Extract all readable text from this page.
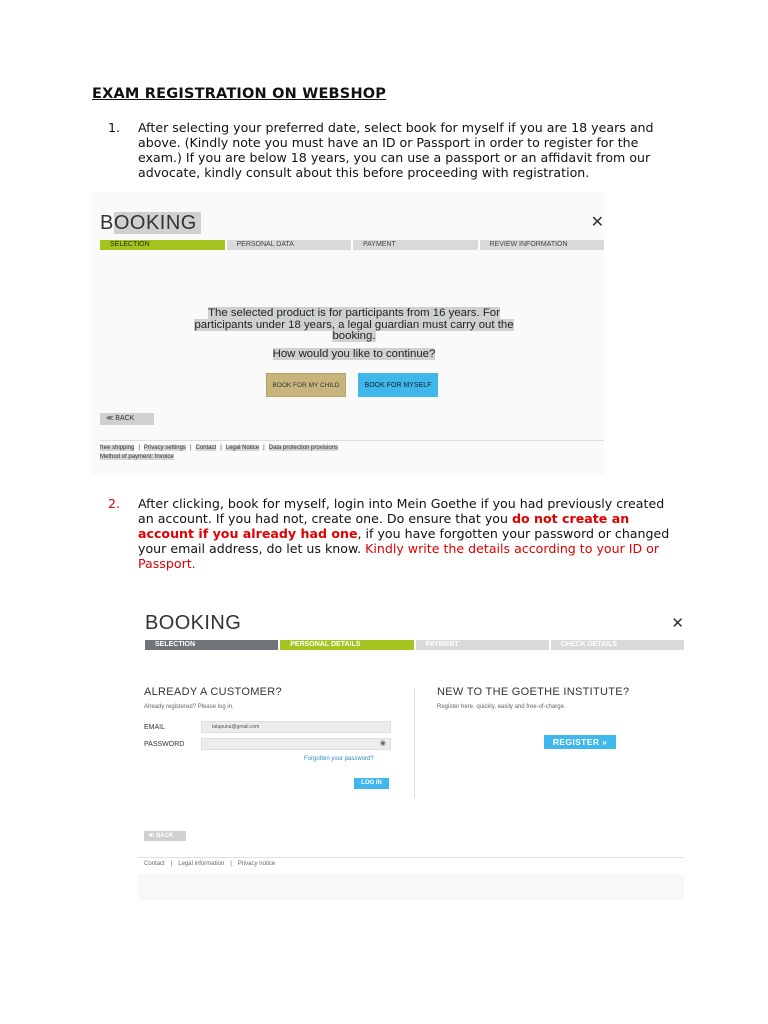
EXAM REGISTRATION ON WEBSHOP
1.	After selecting your preferred date, select book for myself if you are 18 years and above. (Kindly note you must have an ID or Passport in order to register for the exam.) If you are below 18 years, you can use a passport or an affidavit from our advocate, kindly consult about this before proceeding with registration.
BOOKING	✕
SELECTION	PERSONAL DATA	PAYMENT	REVIEW INFORMATION
The selected product is for participants from 16 years. For
participants under 18 years, a legal guardian must carry out the
booking.
How would you like to continue?
BOOK FOR MY CHILD	BOOK FOR MYSELF
≪ BACK
free shipping | Privacy settings | Contact | Legal Notice | Data protection provisions
Method of payment: Invoice
2.	After clicking, book for myself, login into Mein Goethe if you had previously created an account. If you had not, create one. Do ensure that you do not create an account if you already had one, if you have forgotten your password or changed your email address, do let us know. Kindly write the details according to your ID or Passport.
BOOKING	✕
SELECTION	PERSONAL DETAILS	PAYMENT	CHECK DETAILS
ALREADY A CUSTOMER?
Already registered? Please log in.
EMAIL	tatapuna@gmail.com
PASSWORD	◉
Forgotten your password?
LOG IN
NEW TO THE GOETHE INSTITUTE?
Register here, quickly, easily and free-of-charge.
REGISTER »
≪ BACK
Contact | Legal information | Privacy notice
